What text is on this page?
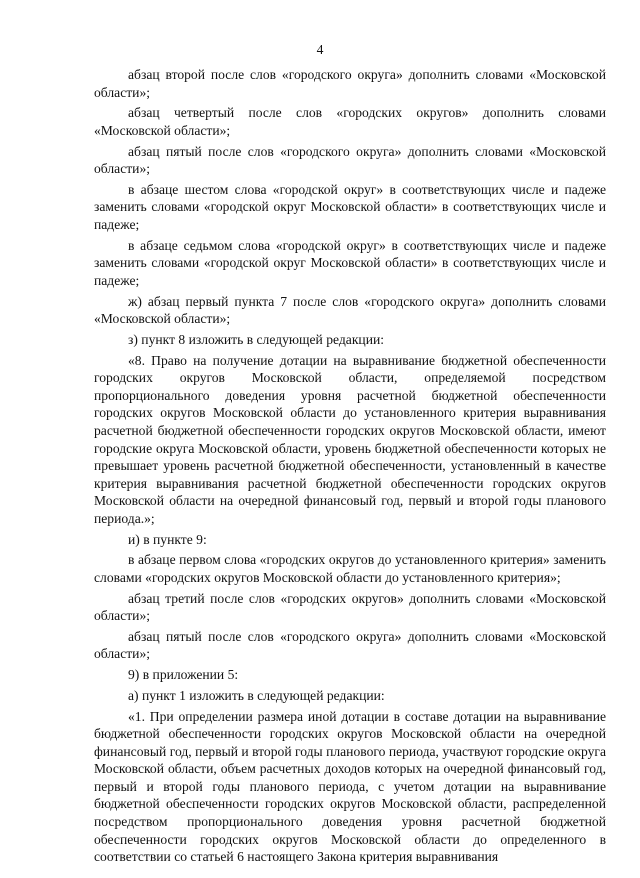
4

абзац второй после слов «городского округа» дополнить словами «Московской области»;

абзац четвертый после слов «городских округов» дополнить словами «Московской области»;

абзац пятый после слов «городского округа» дополнить словами «Московской области»;

в абзаце шестом слова «городской округ» в соответствующих числе и падеже заменить словами «городской округ Московской области» в соответствующих числе и падеже;

в абзаце седьмом слова «городской округ» в соответствующих числе и падеже заменить словами «городской округ Московской области» в соответствующих числе и падеже;

ж) абзац первый пункта 7 после слов «городского округа» дополнить словами «Московской области»;

з) пункт 8 изложить в следующей редакции:

«8. Право на получение дотации на выравнивание бюджетной обеспеченности городских округов Московской области, определяемой посредством пропорционального доведения уровня расчетной бюджетной обеспеченности городских округов Московской области до установленного критерия выравнивания расчетной бюджетной обеспеченности городских округов Московской области, имеют городские округа Московской области, уровень бюджетной обеспеченности которых не превышает уровень расчетной бюджетной обеспеченности, установленный в качестве критерия выравнивания расчетной бюджетной обеспеченности городских округов Московской области на очередной финансовый год, первый и второй годы планового периода.»;

и) в пункте 9:

в абзаце первом слова «городских округов до установленного критерия» заменить словами «городских округов Московской области до установленного критерия»;

абзац третий после слов «городских округов» дополнить словами «Московской области»;

абзац пятый после слов «городского округа» дополнить словами «Московской области»;

9) в приложении 5:

а) пункт 1 изложить в следующей редакции:

«1. При определении размера иной дотации в составе дотации на выравнивание бюджетной обеспеченности городских округов Московской области на очередной финансовый год, первый и второй годы планового периода, участвуют городские округа Московской области, объем расчетных доходов которых на очередной финансовый год, первый и второй годы планового периода, с учетом дотации на выравнивание бюджетной обеспеченности городских округов Московской области, распределенной посредством пропорционального доведения уровня расчетной бюджетной обеспеченности городских округов Московской области до определенного в соответствии со статьей 6 настоящего Закона критерия выравнивания
